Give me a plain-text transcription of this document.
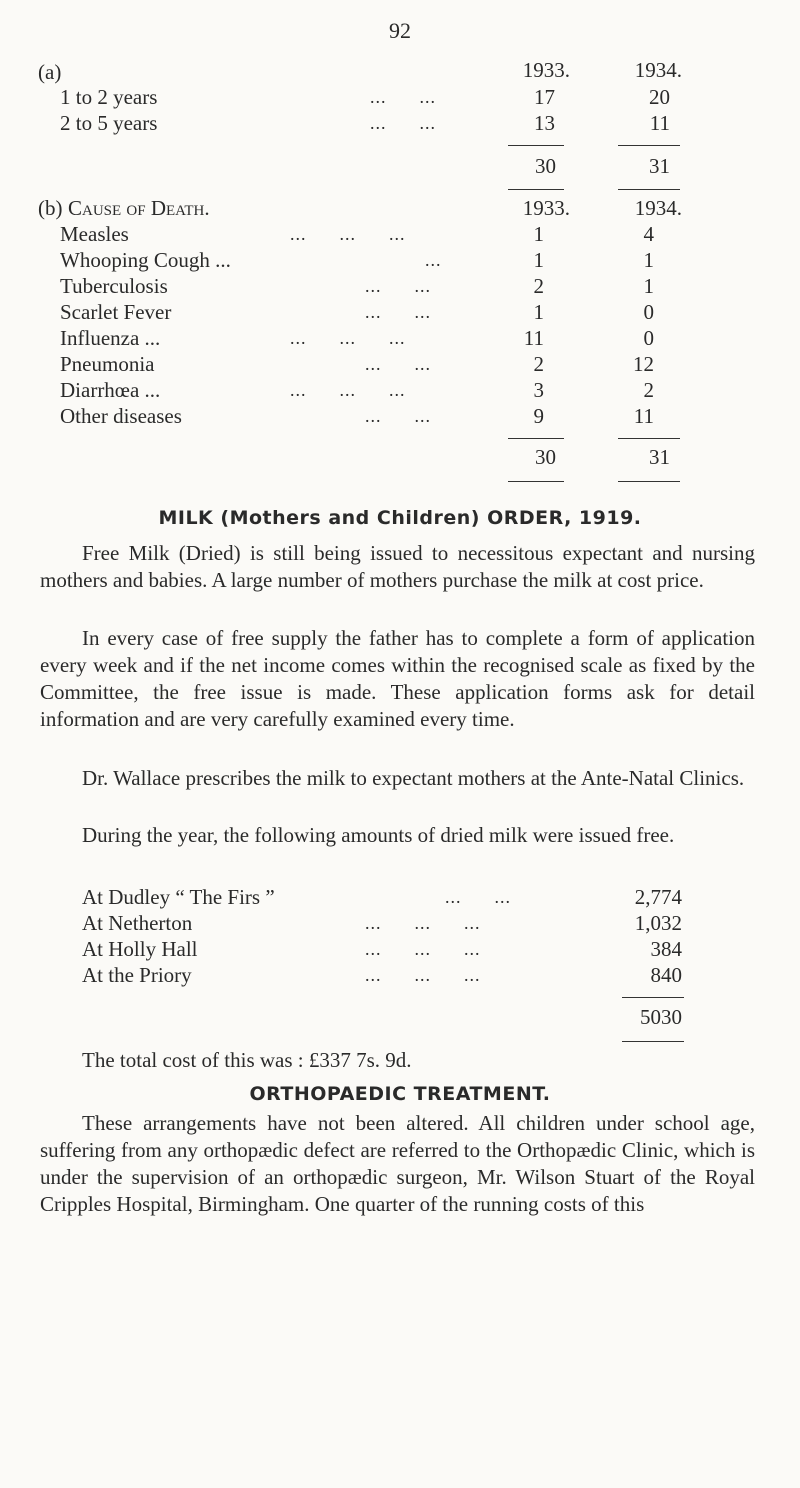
92
(a)	1933.	1934.
1 to 2 years	...      ...	17	20
2 to 5 years	...      ...	13	11
30	31
(b) Cause of Death.	1933.	1934.
Measles	...      ...      ...	1	4
Whooping Cough ...	...	1	1
Tuberculosis	...      ...	2	1
Scarlet Fever	...      ...	1	0
Influenza ...	...      ...      ...	11	0
Pneumonia	...      ...	2	12
Diarrhœa ...	...      ...      ...	3	2
Other diseases	...      ...	9	11
30	31
MILK (Mothers and Children) ORDER, 1919.

Free Milk (Dried) is still being issued to necessitous expectant and nursing mothers and babies. A large number of mothers purchase the milk at cost price.

In every case of free supply the father has to complete a form of application every week and if the net income comes within the recognised scale as fixed by the Committee, the free issue is made. These application forms ask for detail information and are very carefully examined every time.

Dr. Wallace prescribes the milk to expectant mothers at the Ante-Natal Clinics.

During the year, the following amounts of dried milk were issued free.

At Dudley “ The Firs ”	...      ...	2,774
At Netherton	...      ...      ...	1,032
At Holly Hall	...      ...      ...	384
At the Priory	...      ...      ...	840
5030
The total cost of this was : £337 7s. 9d.
ORTHOPAEDIC TREATMENT.

These arrangements have not been altered. All children under school age, suffering from any orthopædic defect are referred to the Orthopædic Clinic, which is under the supervision of an orthopædic surgeon, Mr. Wilson Stuart of the Royal Cripples Hospital, Birmingham. One quarter of the running costs of this
